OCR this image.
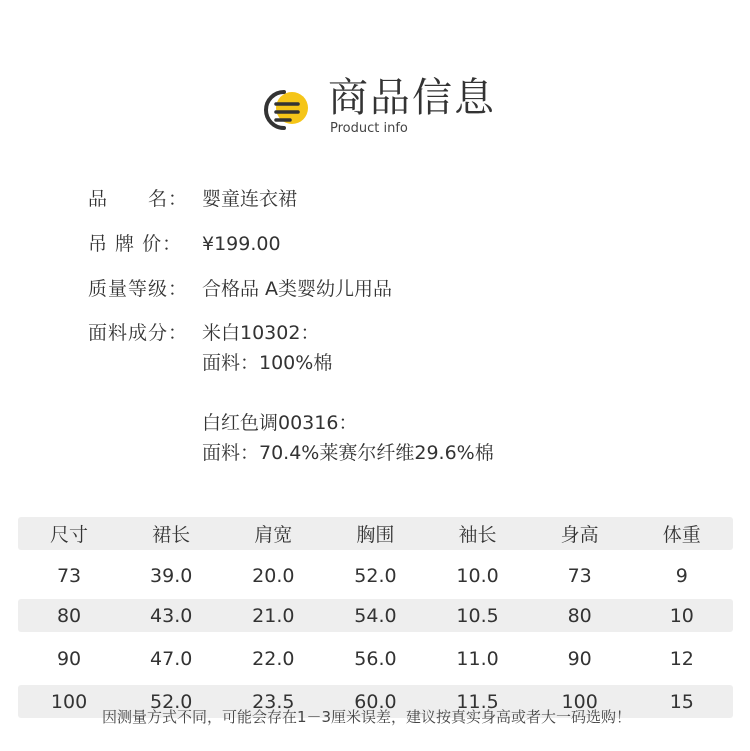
商品信息
Product info
品　　名： 婴童连衣裙
吊 牌 价：	¥199.00
质量等级： 合格品 A类婴幼儿用品
面料成分： 米白10302：
面料：100%棉
白红色调00316：
面料：70.4%莱赛尔纤维29.6%棉
尺寸	裙长	肩宽	胸围	袖长	身高	体重
73	39.0	20.0	52.0	10.0	73	9
80	43.0	21.0	54.0	10.5	80	10
90	47.0	22.0	56.0	11.0	90	12
100	52.0	23.5	60.0	11.5	100	15
因测量方式不同，可能会存在1－3厘米误差，建议按真实身高或者大一码选购！
